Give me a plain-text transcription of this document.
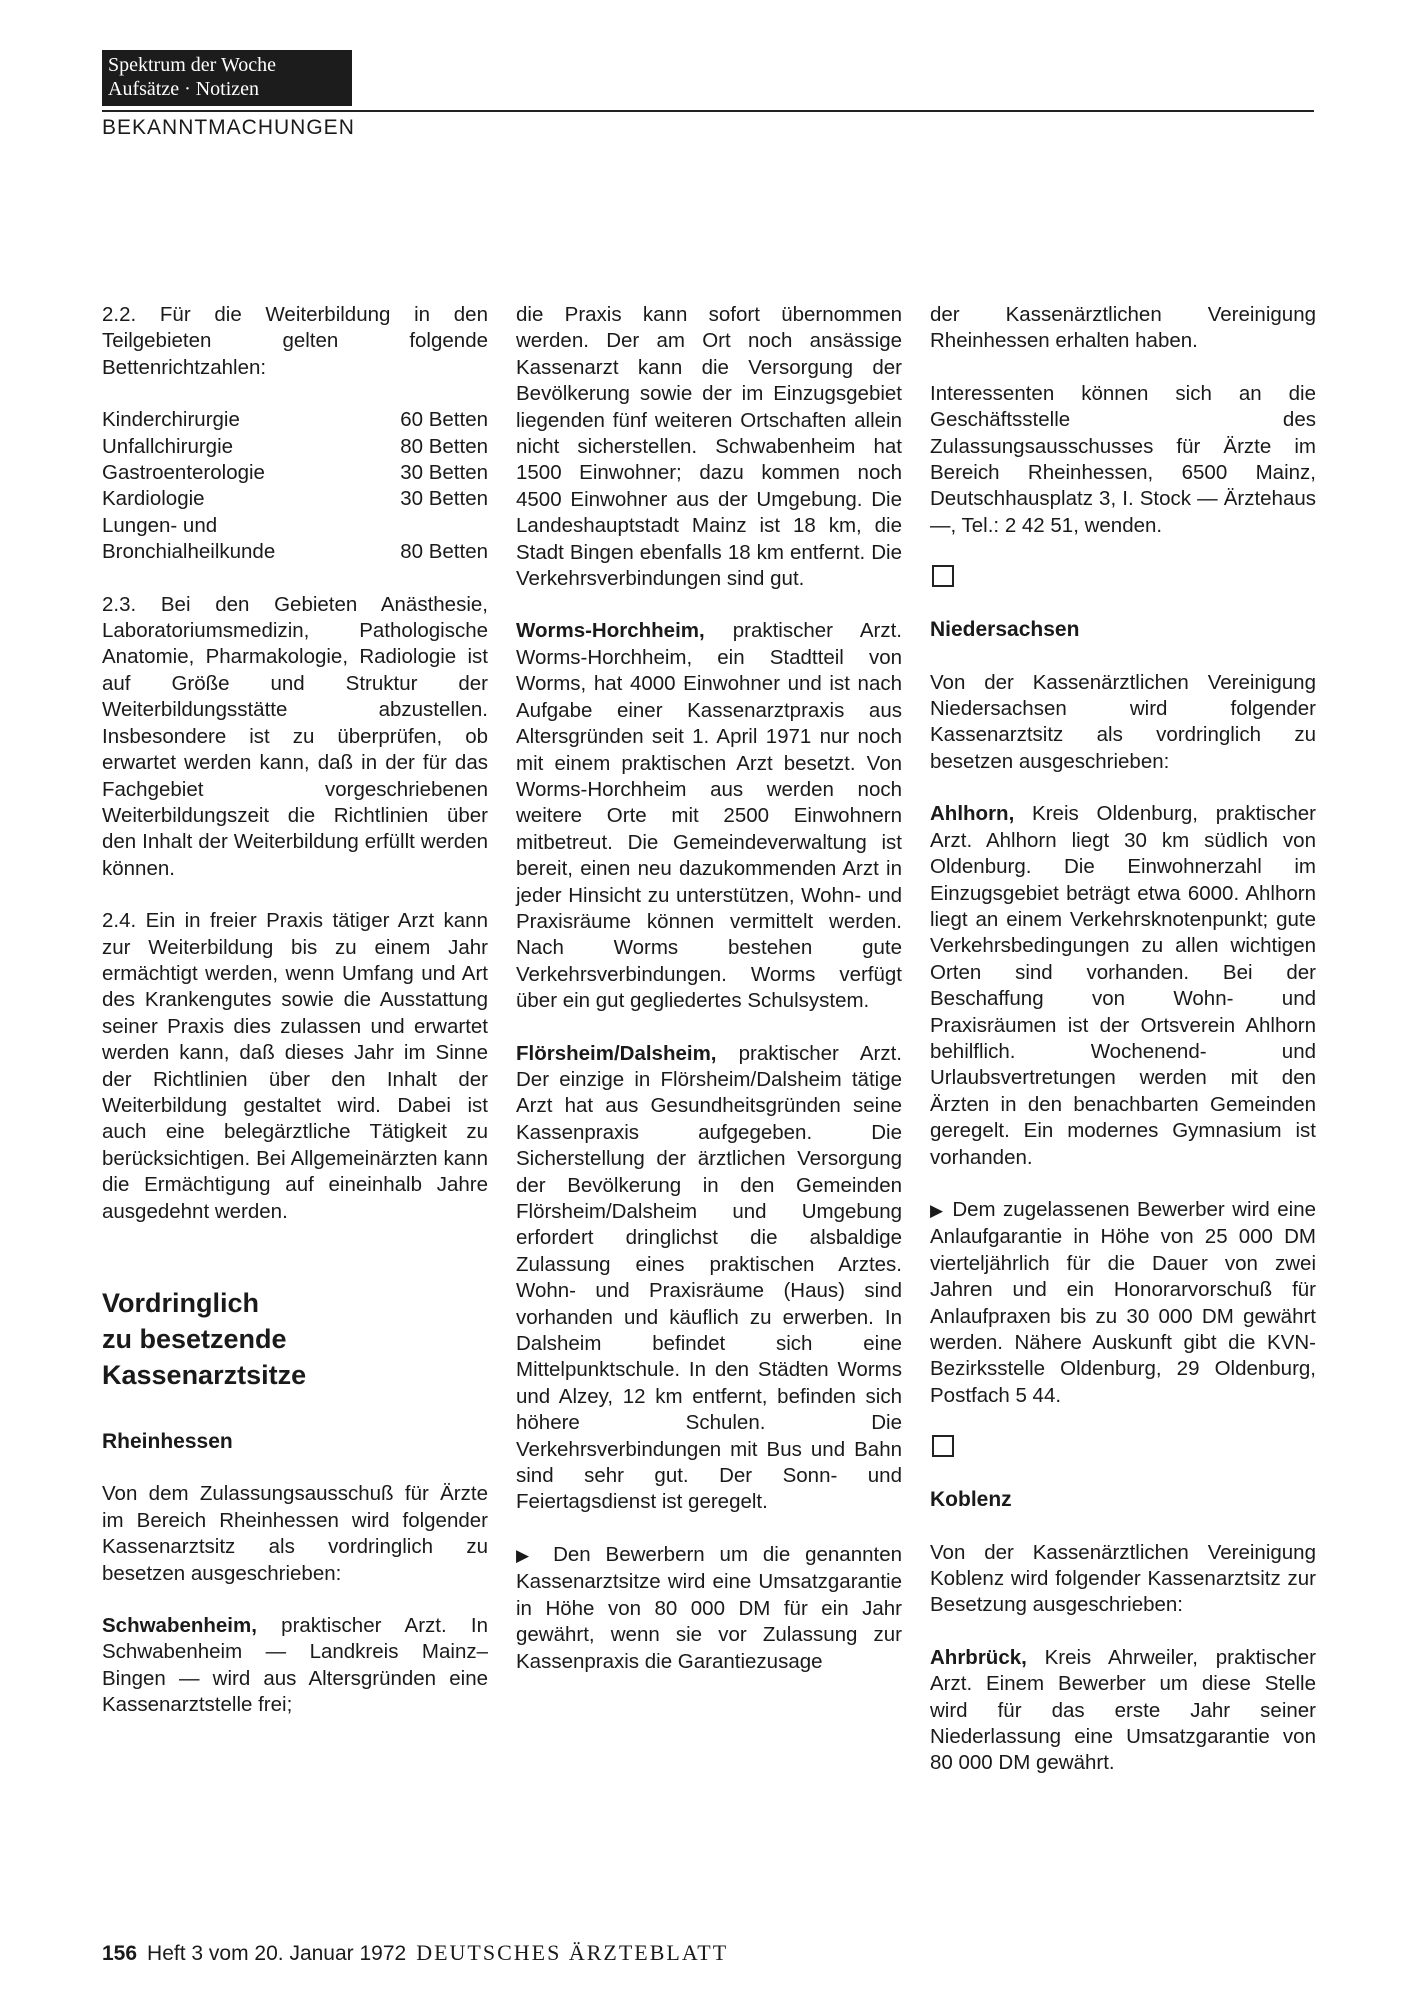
Spektrum der Woche
Aufsätze · Notizen
BEKANNTMACHUNGEN

2.2. Für die Weiterbildung in den Teilgebieten gelten folgende Bettenrichtzahlen:

Kinderchirurgie	60 Betten
Unfallchirurgie	80 Betten
Gastroenterologie	30 Betten
Kardiologie	30 Betten
Lungen- und Bronchialheilkunde	80 Betten

2.3. Bei den Gebieten Anästhesie, Laboratoriumsmedizin, Pathologische Anatomie, Pharmakologie, Radiologie ist auf Größe und Struktur der Weiterbildungsstätte abzustellen. Insbesondere ist zu überprüfen, ob erwartet werden kann, daß in der für das Fachgebiet vorgeschriebenen Weiterbildungszeit die Richtlinien über den Inhalt der Weiterbildung erfüllt werden können.

2.4. Ein in freier Praxis tätiger Arzt kann zur Weiterbildung bis zu einem Jahr ermächtigt werden, wenn Umfang und Art des Krankengutes sowie die Ausstattung seiner Praxis dies zulassen und erwartet werden kann, daß dieses Jahr im Sinne der Richtlinien über den Inhalt der Weiterbildung gestaltet wird. Dabei ist auch eine belegärztliche Tätigkeit zu berücksichtigen. Bei Allgemeinärzten kann die Ermächtigung auf eineinhalb Jahre ausgedehnt werden.

Vordringlich
zu besetzende
Kassenarztsitze
Rheinhessen

Von dem Zulassungsausschuß für Ärzte im Bereich Rheinhessen wird folgender Kassenarztsitz als vordringlich zu besetzen ausgeschrieben:

Schwabenheim, praktischer Arzt. In Schwabenheim — Landkreis Mainz–Bingen — wird aus Altersgründen eine Kassenarztstelle frei;

die Praxis kann sofort übernommen werden. Der am Ort noch ansässige Kassenarzt kann die Versorgung der Bevölkerung sowie der im Einzugsgebiet liegenden fünf weiteren Ortschaften allein nicht sicherstellen. Schwabenheim hat 1500 Einwohner; dazu kommen noch 4500 Einwohner aus der Umgebung. Die Landeshauptstadt Mainz ist 18 km, die Stadt Bingen ebenfalls 18 km entfernt. Die Verkehrsverbindungen sind gut.

Worms-Horchheim, praktischer Arzt. Worms-Horchheim, ein Stadtteil von Worms, hat 4000 Einwohner und ist nach Aufgabe einer Kassenarztpraxis aus Altersgründen seit 1. April 1971 nur noch mit einem praktischen Arzt besetzt. Von Worms-Horchheim aus werden noch weitere Orte mit 2500 Einwohnern mitbetreut. Die Gemeindeverwaltung ist bereit, einen neu dazukommenden Arzt in jeder Hinsicht zu unterstützen, Wohn- und Praxisräume können vermittelt werden. Nach Worms bestehen gute Verkehrsverbindungen. Worms verfügt über ein gut gegliedertes Schulsystem.

Flörsheim/Dalsheim, praktischer Arzt. Der einzige in Flörsheim/Dalsheim tätige Arzt hat aus Gesundheitsgründen seine Kassenpraxis aufgegeben. Die Sicherstellung der ärztlichen Versorgung der Bevölkerung in den Gemeinden Flörsheim/Dalsheim und Umgebung erfordert dringlichst die alsbaldige Zulassung eines praktischen Arztes. Wohn- und Praxisräume (Haus) sind vorhanden und käuflich zu erwerben. In Dalsheim befindet sich eine Mittelpunktschule. In den Städten Worms und Alzey, 12 km entfernt, befinden sich höhere Schulen. Die Verkehrsverbindungen mit Bus und Bahn sind sehr gut. Der Sonn- und Feiertagsdienst ist geregelt.

▶ Den Bewerbern um die genannten Kassenarztsitze wird eine Umsatzgarantie in Höhe von 80 000 DM für ein Jahr gewährt, wenn sie vor Zulassung zur Kassenpraxis die Garantiezusage

der Kassenärztlichen Vereinigung Rheinhessen erhalten haben.

Interessenten können sich an die Geschäftsstelle des Zulassungsausschusses für Ärzte im Bereich Rheinhessen, 6500 Mainz, Deutschhausplatz 3, I. Stock — Ärztehaus —, Tel.: 2 42 51, wenden.

Niedersachsen

Von der Kassenärztlichen Vereinigung Niedersachsen wird folgender Kassenarztsitz als vordringlich zu besetzen ausgeschrieben:

Ahlhorn, Kreis Oldenburg, praktischer Arzt. Ahlhorn liegt 30 km südlich von Oldenburg. Die Einwohnerzahl im Einzugsgebiet beträgt etwa 6000. Ahlhorn liegt an einem Verkehrsknotenpunkt; gute Verkehrsbedingungen zu allen wichtigen Orten sind vorhanden. Bei der Beschaffung von Wohn- und Praxisräumen ist der Ortsverein Ahlhorn behilflich. Wochenend- und Urlaubsvertretungen werden mit den Ärzten in den benachbarten Gemeinden geregelt. Ein modernes Gymnasium ist vorhanden.

▶ Dem zugelassenen Bewerber wird eine Anlaufgarantie in Höhe von 25 000 DM vierteljährlich für die Dauer von zwei Jahren und ein Honorarvorschuß für Anlaufpraxen bis zu 30 000 DM gewährt werden. Nähere Auskunft gibt die KVN-Bezirksstelle Oldenburg, 29 Oldenburg, Postfach 5 44.

Koblenz

Von der Kassenärztlichen Vereinigung Koblenz wird folgender Kassenarztsitz zur Besetzung ausgeschrieben:

Ahrbrück, Kreis Ahrweiler, praktischer Arzt. Einem Bewerber um diese Stelle wird für das erste Jahr seiner Niederlassung eine Umsatzgarantie von 80 000 DM gewährt.

156 Heft 3 vom 20. Januar 1972 DEUTSCHES ÄRZTEBLATT
